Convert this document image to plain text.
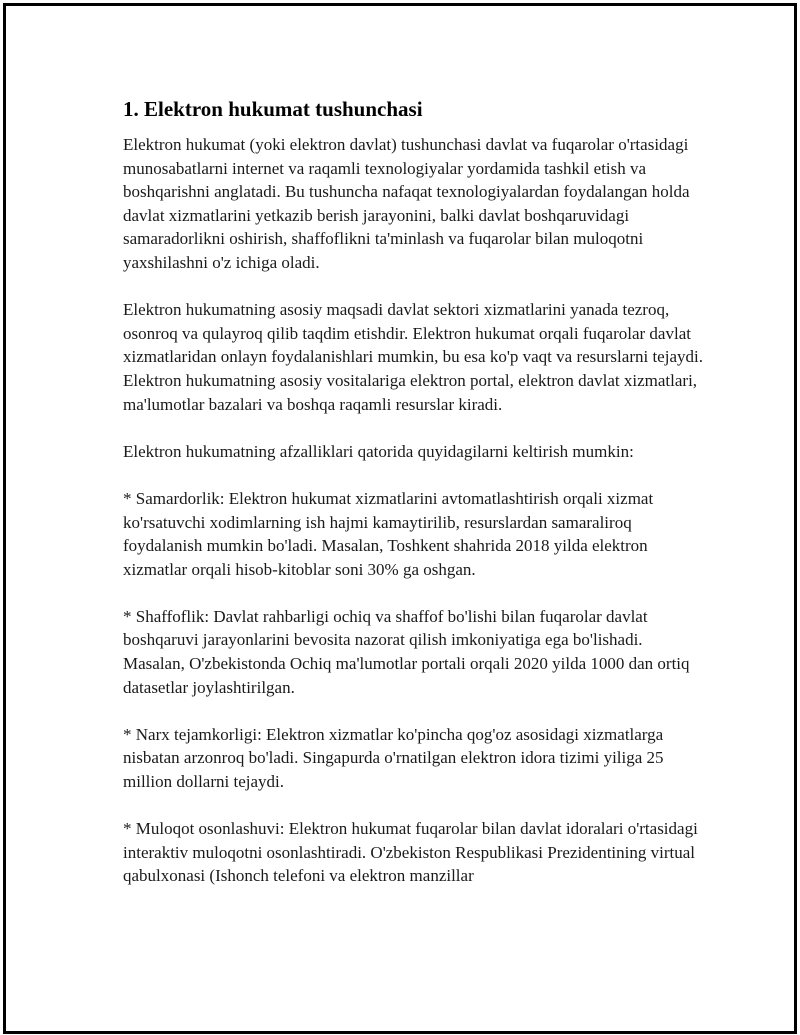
1. Elektron hukumat tushunchasi

Elektron hukumat (yoki elektron davlat) tushunchasi davlat va fuqarolar o'rtasidagi munosabatlarni internet va raqamli texnologiyalar yordamida tashkil etish va boshqarishni anglatadi. Bu tushuncha nafaqat texnologiyalardan foydalangan holda davlat xizmatlarini yetkazib berish jarayonini, balki davlat boshqaruvidagi samaradorlikni oshirish, shaffoflikni ta'minlash va fuqarolar bilan muloqotni yaxshilashni o'z ichiga oladi.

Elektron hukumatning asosiy maqsadi davlat sektori xizmatlarini yanada tezroq, osonroq va qulayroq qilib taqdim etishdir. Elektron hukumat orqali fuqarolar davlat xizmatlaridan onlayn foydalanishlari mumkin, bu esa ko'p vaqt va resurslarni tejaydi. Elektron hukumatning asosiy vositalariga elektron portal, elektron davlat xizmatlari, ma'lumotlar bazalari va boshqa raqamli resurslar kiradi.

Elektron hukumatning afzalliklari qatorida quyidagilarni keltirish mumkin:

* Samardorlik: Elektron hukumat xizmatlarini avtomatlashtirish orqali xizmat ko'rsatuvchi xodimlarning ish hajmi kamaytirilib, resurslardan samaraliroq foydalanish mumkin bo'ladi. Masalan, Toshkent shahrida 2018 yilda elektron xizmatlar orqali hisob-kitoblar soni 30% ga oshgan.

* Shaffoflik: Davlat rahbarligi ochiq va shaffof bo'lishi bilan fuqarolar davlat boshqaruvi jarayonlarini bevosita nazorat qilish imkoniyatiga ega bo'lishadi. Masalan, O'zbekistonda Ochiq ma'lumotlar portali orqali 2020 yilda 1000 dan ortiq datasetlar joylashtirilgan.

* Narx tejamkorligi: Elektron xizmatlar ko'pincha qog'oz asosidagi xizmatlarga nisbatan arzonroq bo'ladi. Singapurda o'rnatilgan elektron idora tizimi yiliga 25 million dollarni tejaydi.

* Muloqot osonlashuvi: Elektron hukumat fuqarolar bilan davlat idoralari o'rtasidagi interaktiv muloqotni osonlashtiradi. O'zbekiston Respublikasi Prezidentining virtual qabulxonasi (Ishonch telefoni va elektron manzillar
